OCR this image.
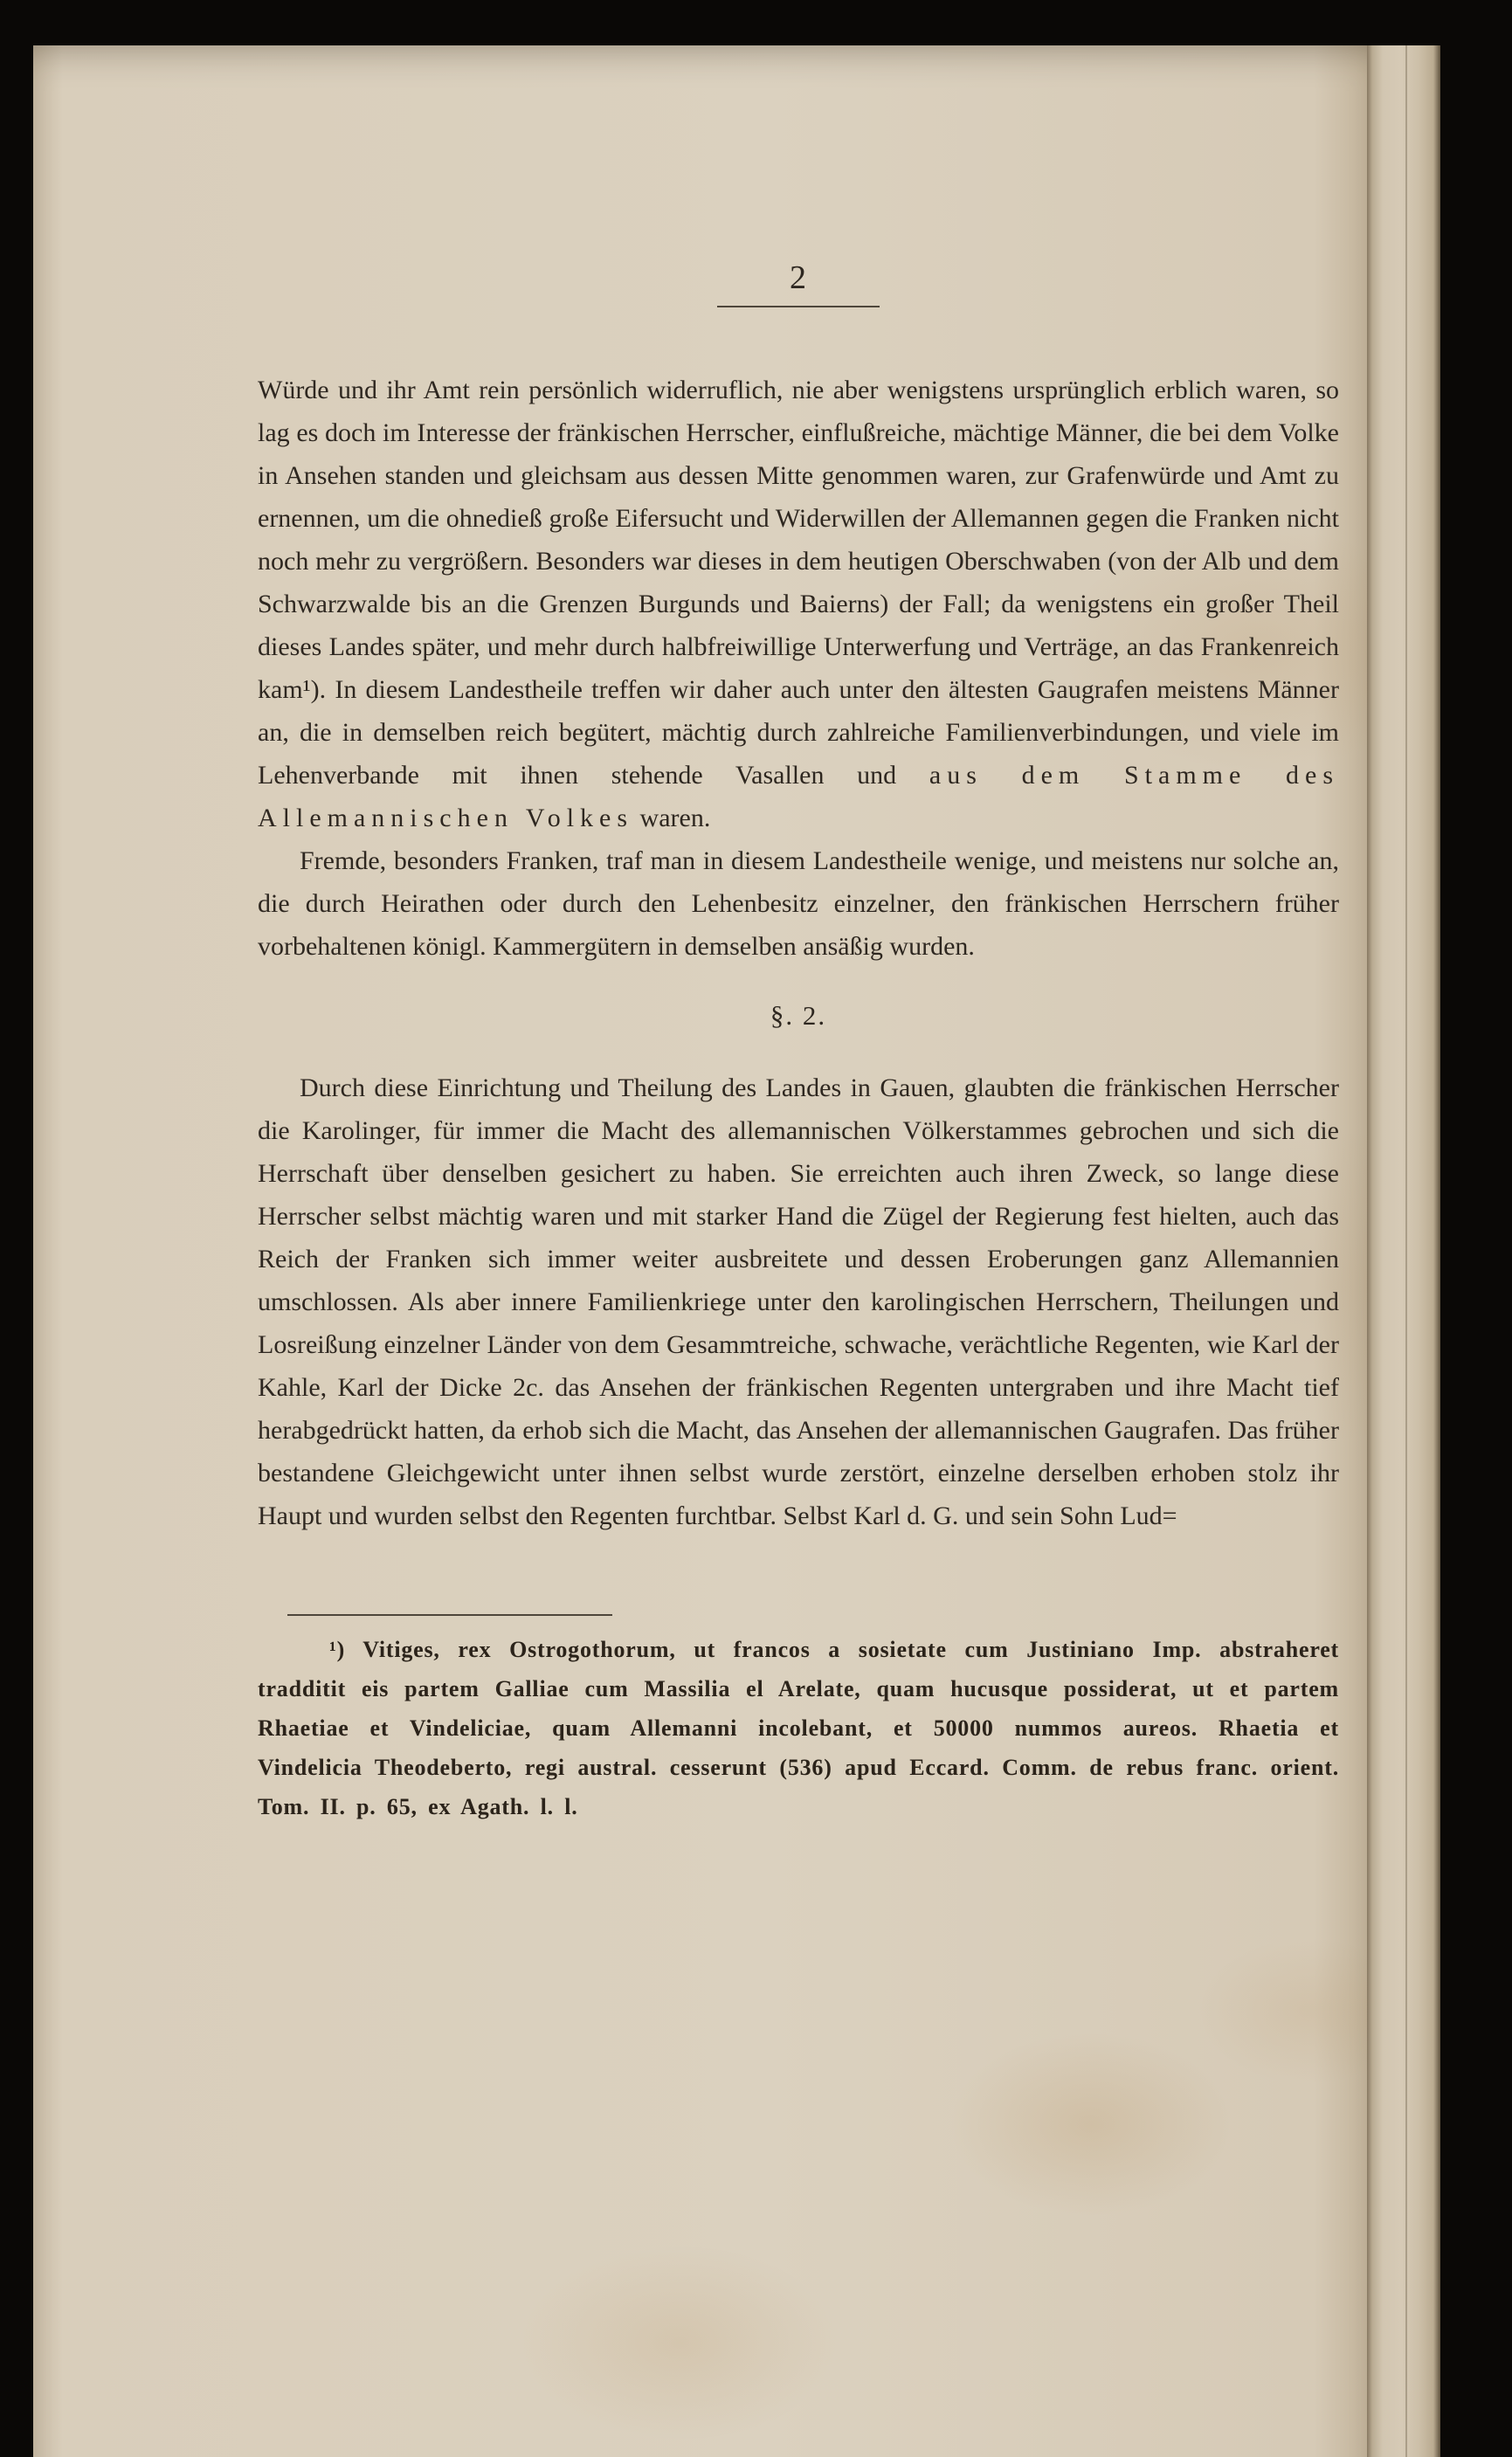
2

Würde und ihr Amt rein persönlich widerruflich, nie aber wenigstens ursprünglich erblich waren, so lag es doch im Interesse der fränkischen Herrscher, einflußreiche, mächtige Männer, die bei dem Volke in Ansehen standen und gleichsam aus dessen Mitte genommen waren, zur Grafenwürde und Amt zu ernennen, um die ohnedieß große Eifersucht und Widerwillen der Allemannen gegen die Franken nicht noch mehr zu vergrößern. Besonders war dieses in dem heutigen Oberschwaben (von der Alb und dem Schwarzwalde bis an die Grenzen Burgunds und Baierns) der Fall; da wenigstens ein großer Theil dieses Landes später, und mehr durch halbfreiwillige Unterwerfung und Verträge, an das Frankenreich kam¹). In diesem Landestheile treffen wir daher auch unter den ältesten Gaugrafen meistens Männer an, die in demselben reich begütert, mächtig durch zahlreiche Familienverbindungen, und viele im Lehenverbande mit ihnen stehende Vasallen und aus dem Stamme des Allemannischen Volkes waren.

Fremde, besonders Franken, traf man in diesem Landestheile wenige, und meistens nur solche an, die durch Heirathen oder durch den Lehenbesitz einzelner, den fränkischen Herrschern früher vorbehaltenen königl. Kammergütern in demselben ansäßig wurden.

§. 2.

Durch diese Einrichtung und Theilung des Landes in Gauen, glaubten die fränkischen Herrscher die Karolinger, für immer die Macht des allemannischen Völkerstammes gebrochen und sich die Herrschaft über denselben gesichert zu haben. Sie erreichten auch ihren Zweck, so lange diese Herrscher selbst mächtig waren und mit starker Hand die Zügel der Regierung fest hielten, auch das Reich der Franken sich immer weiter ausbreitete und dessen Eroberungen ganz Allemannien umschlossen. Als aber innere Familienkriege unter den karolingischen Herrschern, Theilungen und Losreißung einzelner Länder von dem Gesammtreiche, schwache, verächtliche Regenten, wie Karl der Kahle, Karl der Dicke 2c. das Ansehen der fränkischen Regenten untergraben und ihre Macht tief herabgedrückt hatten, da erhob sich die Macht, das Ansehen der allemannischen Gaugrafen. Das früher bestandene Gleichgewicht unter ihnen selbst wurde zerstört, einzelne derselben erhoben stolz ihr Haupt und wurden selbst den Regenten furchtbar. Selbst Karl d. G. und sein Sohn Lud=

¹) Vitiges, rex Ostrogothorum, ut francos a sosietate cum Justiniano Imp. abstraheret tradditit eis partem Galliae cum Massilia el Arelate, quam hucusque possiderat, ut et partem Rhaetiae et Vindeliciae, quam Allemanni incolebant, et 50000 nummos aureos. Rhaetia et Vindelicia Theodeberto, regi austral. cesserunt (536) apud Eccard. Comm. de rebus franc. orient. Tom. II. p. 65, ex Agath. l. l.
